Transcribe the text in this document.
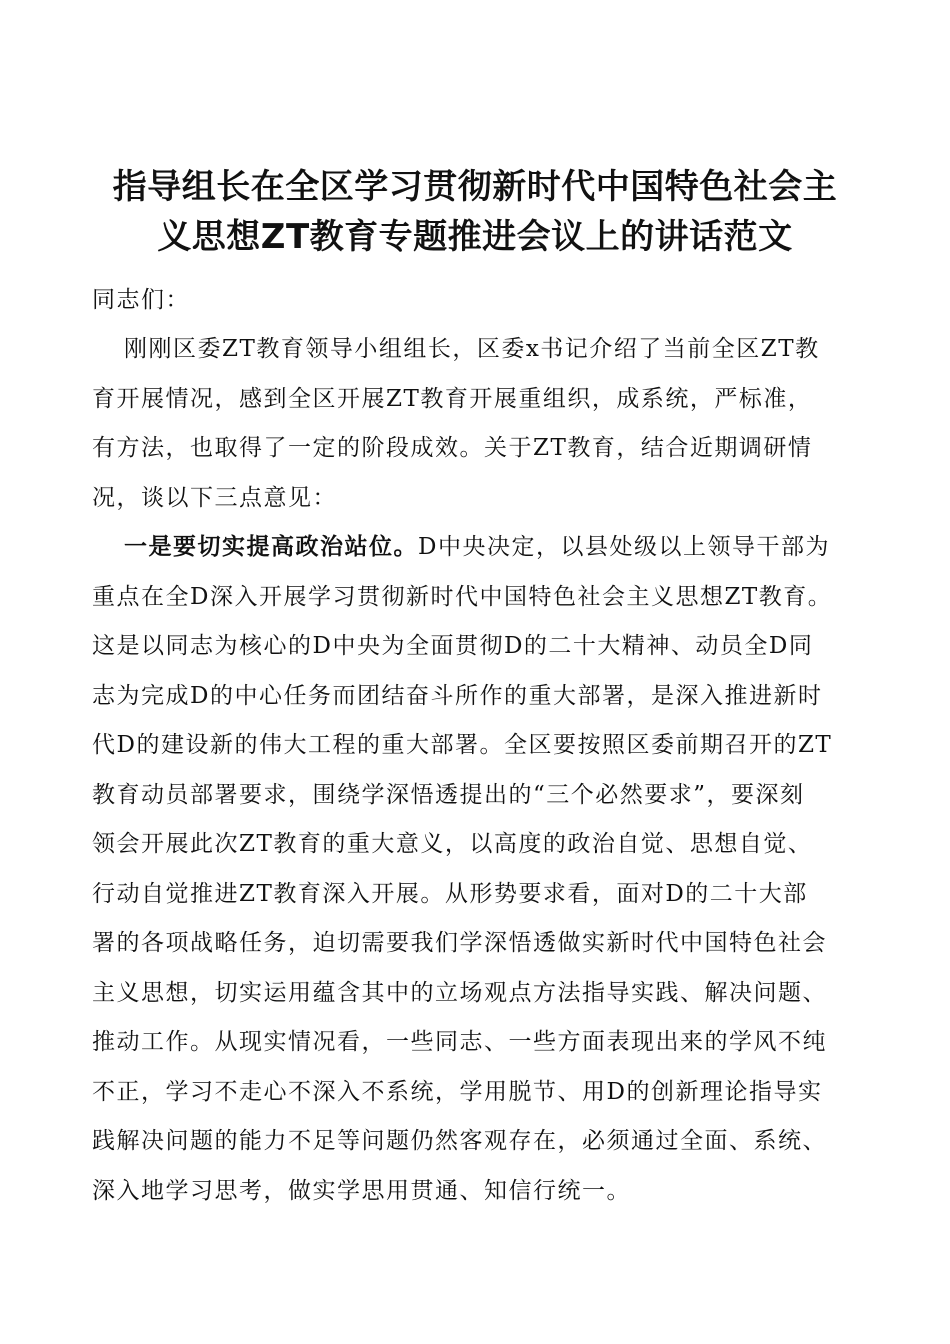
指导组长在全区学习贯彻新时代中国特色社会主
义思想ZT教育专题推进会议上的讲话范文
同志们：
刚刚区委ZT教育领导小组组长，区委x书记介绍了当前全区ZT教
育开展情况，感到全区开展ZT教育开展重组织，成系统，严标准，
有方法，也取得了一定的阶段成效。关于ZT教育，结合近期调研情
况，谈以下三点意见：
一是要切实提高政治站位。D中央决定，以县处级以上领导干部为
重点在全D深入开展学习贯彻新时代中国特色社会主义思想ZT教育。
这是以同志为核心的D中央为全面贯彻D的二十大精神、动员全D同
志为完成D的中心任务而团结奋斗所作的重大部署，是深入推进新时
代D的建设新的伟大工程的重大部署。全区要按照区委前期召开的ZT
教育动员部署要求，围绕学深悟透提出的“三个必然要求”，要深刻
领会开展此次ZT教育的重大意义，以高度的政治自觉、思想自觉、
行动自觉推进ZT教育深入开展。从形势要求看，面对D的二十大部
署的各项战略任务，迫切需要我们学深悟透做实新时代中国特色社会
主义思想，切实运用蕴含其中的立场观点方法指导实践、解决问题、
推动工作。从现实情况看，一些同志、一些方面表现出来的学风不纯
不正，学习不走心不深入不系统，学用脱节、用D的创新理论指导实
践解决问题的能力不足等问题仍然客观存在，必须通过全面、系统、
深入地学习思考，做实学思用贯通、知信行统一。
